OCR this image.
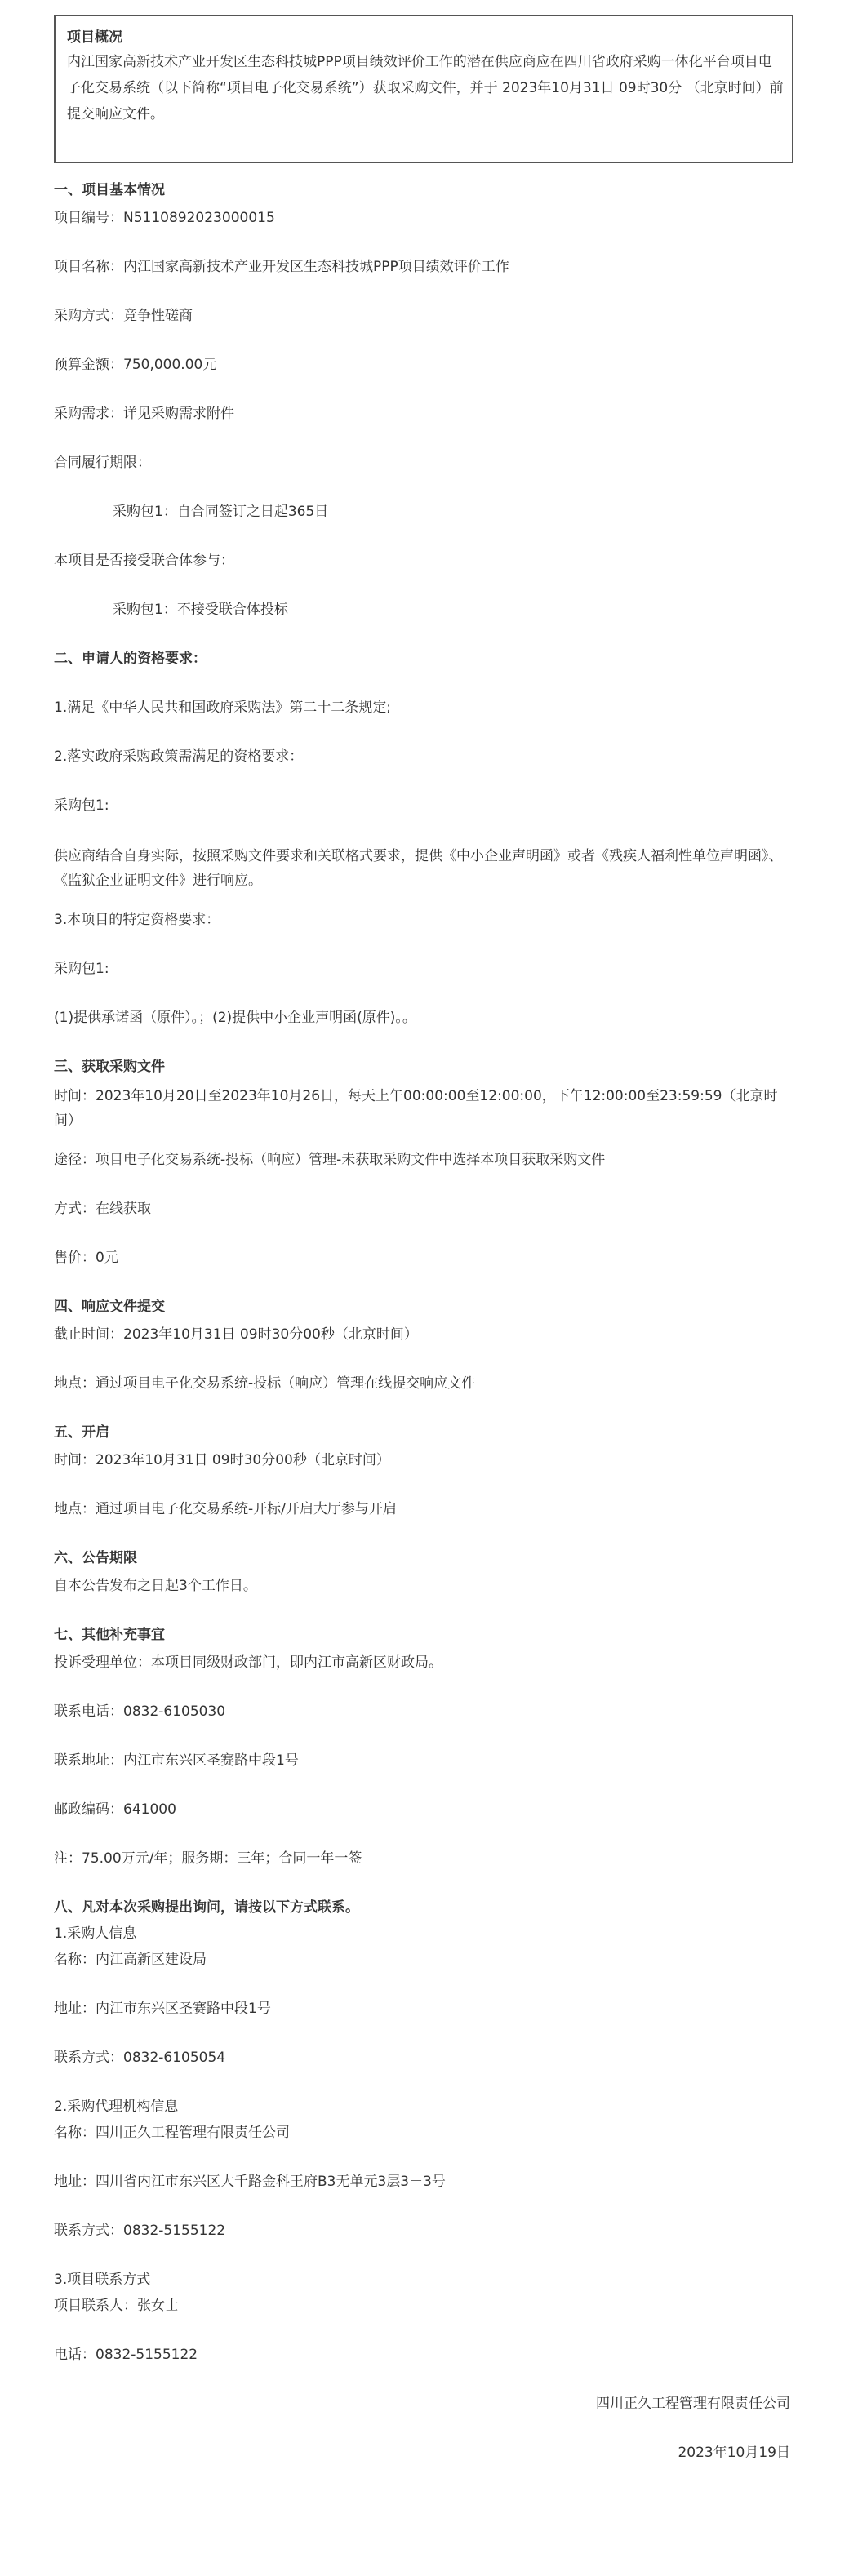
项目概况
内江国家高新技术产业开发区生态科技城PPP项目绩效评价工作的潜在供应商应在四川省政府采购一体化平台项目电子化交易系统（以下简称“项目电子化交易系统”）获取采购文件，并于 2023年10月31日 09时30分 （北京时间）前提交响应文件。

一、项目基本情况

项目编号：N5110892023000015

项目名称：内江国家高新技术产业开发区生态科技城PPP项目绩效评价工作

采购方式：竞争性磋商

预算金额：750,000.00元

采购需求：详见采购需求附件

合同履行期限：

采购包1：自合同签订之日起365日

本项目是否接受联合体参与：

采购包1：不接受联合体投标

二、申请人的资格要求：

1.满足《中华人民共和国政府采购法》第二十二条规定;

2.落实政府采购政策需满足的资格要求：

采购包1:

供应商结合自身实际，按照采购文件要求和关联格式要求，提供《中小企业声明函》或者《残疾人福利性单位声明函》、《监狱企业证明文件》进行响应。

3.本项目的特定资格要求：

采购包1:

(1)提供承诺函（原件）。；(2)提供中小企业声明函(原件)。。

三、获取采购文件

时间：2023年10月20日至2023年10月26日，每天上午00:00:00至12:00:00，下午12:00:00至23:59:59（北京时间）

途径：项目电子化交易系统-投标（响应）管理-未获取采购文件中选择本项目获取采购文件

方式：在线获取

售价：0元

四、响应文件提交

截止时间：2023年10月31日 09时30分00秒（北京时间）

地点：通过项目电子化交易系统-投标（响应）管理在线提交响应文件

五、开启

时间：2023年10月31日 09时30分00秒（北京时间）

地点：通过项目电子化交易系统-开标/开启大厅参与开启

六、公告期限

自本公告发布之日起3个工作日。

七、其他补充事宜

投诉受理单位：本项目同级财政部门，即内江市高新区财政局。

联系电话：0832-6105030

联系地址：内江市东兴区圣赛路中段1号

邮政编码：641000

注：75.00万元/年；服务期：三年；合同一年一签

八、凡对本次采购提出询问，请按以下方式联系。

1.采购人信息

名称：内江高新区建设局

地址：内江市东兴区圣赛路中段1号

联系方式：0832-6105054

2.采购代理机构信息

名称：四川正久工程管理有限责任公司

地址：四川省内江市东兴区大千路金科王府B3无单元3层3－3号

联系方式：0832-5155122

3.项目联系方式

项目联系人：张女士

电话：0832-5155122

四川正久工程管理有限责任公司

2023年10月19日
